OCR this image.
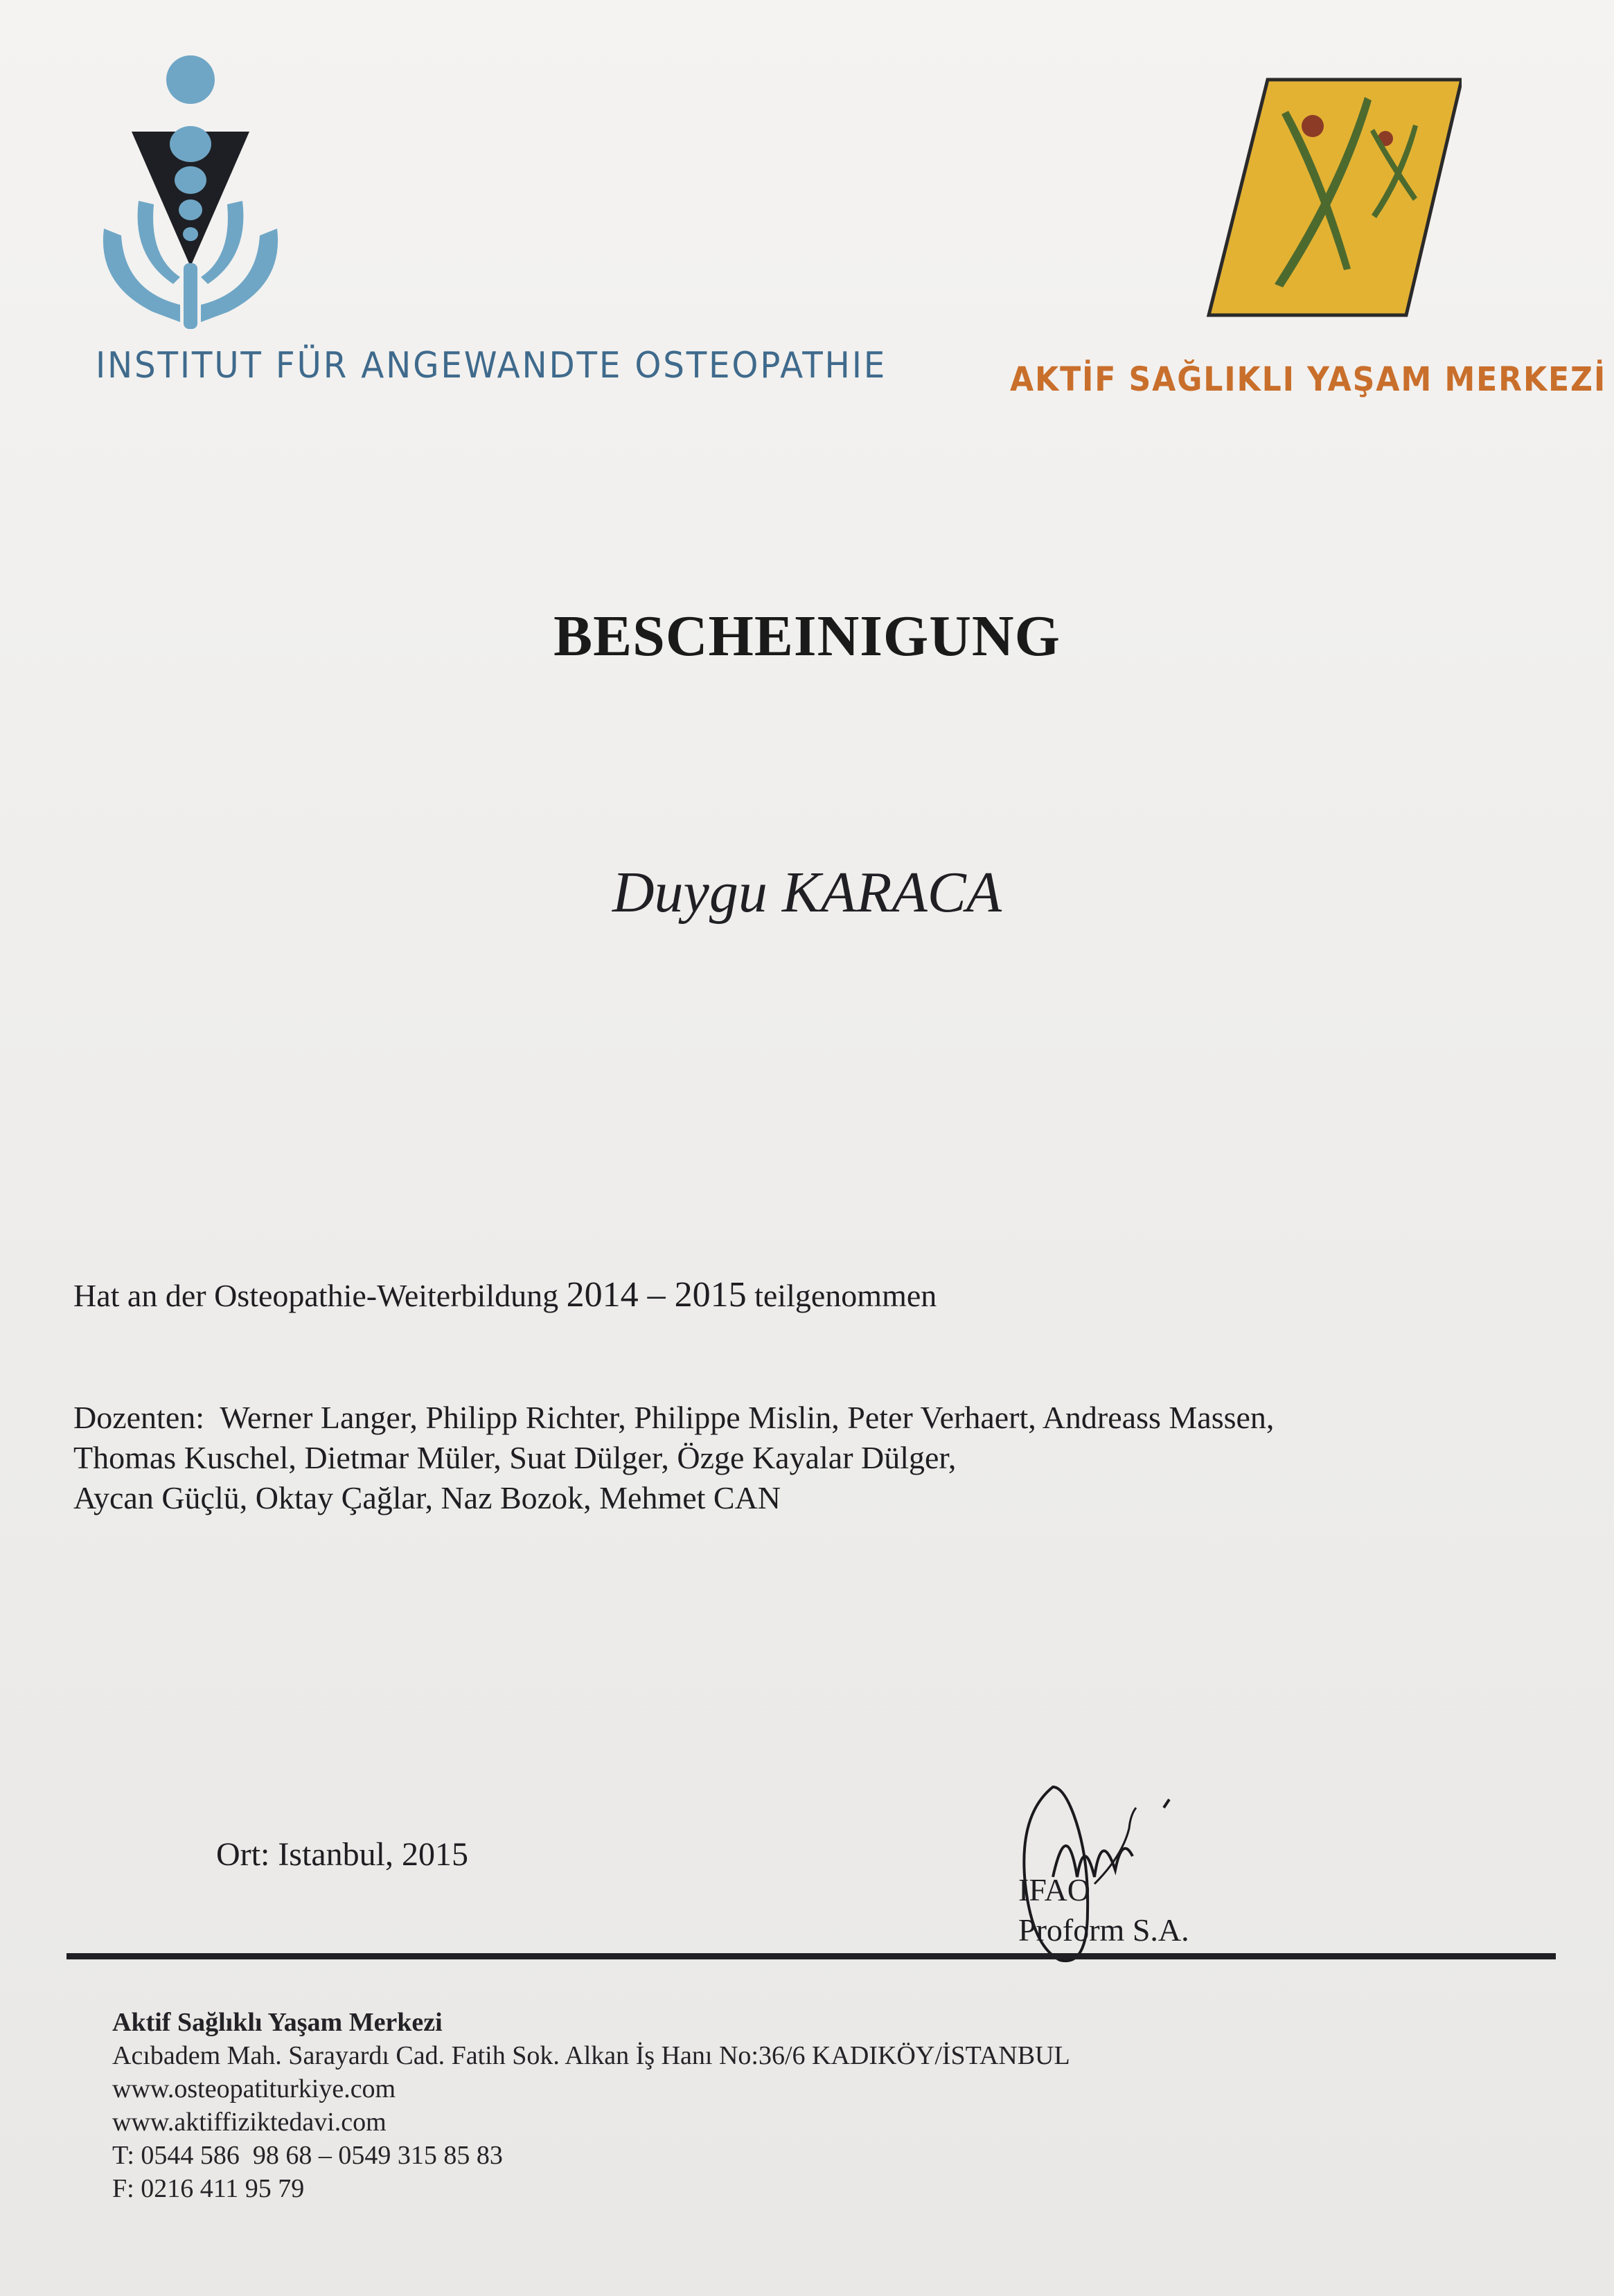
INSTITUT FÜR ANGEWANDTE OSTEOPATHIE	AKTİF SAĞLIKLI YAŞAM MERKEZİ
BESCHEINIGUNG
Duygu KARACA
Hat an der Osteopathie-Weiterbildung 2014 – 2015 teilgenommen
Dozenten:  Werner Langer, Philipp Richter, Philippe Mislin, Peter Verhaert, Andreass Massen,
Thomas Kuschel, Dietmar Müler, Suat Dülger, Özge Kayalar Dülger,
Aycan Güçlü, Oktay Çağlar, Naz Bozok, Mehmet CAN
Ort: Istanbul, 2015
IFAO
Proform S.A.
Aktif Sağlıklı Yaşam Merkezi
Acıbadem Mah. Sarayardı Cad. Fatih Sok. Alkan İş Hanı No:36/6 KADIKÖY/İSTANBUL
www.osteopatiturkiye.com
www.aktiffiziktedavi.com
T: 0544 586  98 68 – 0549 315 85 83
F: 0216 411 95 79
